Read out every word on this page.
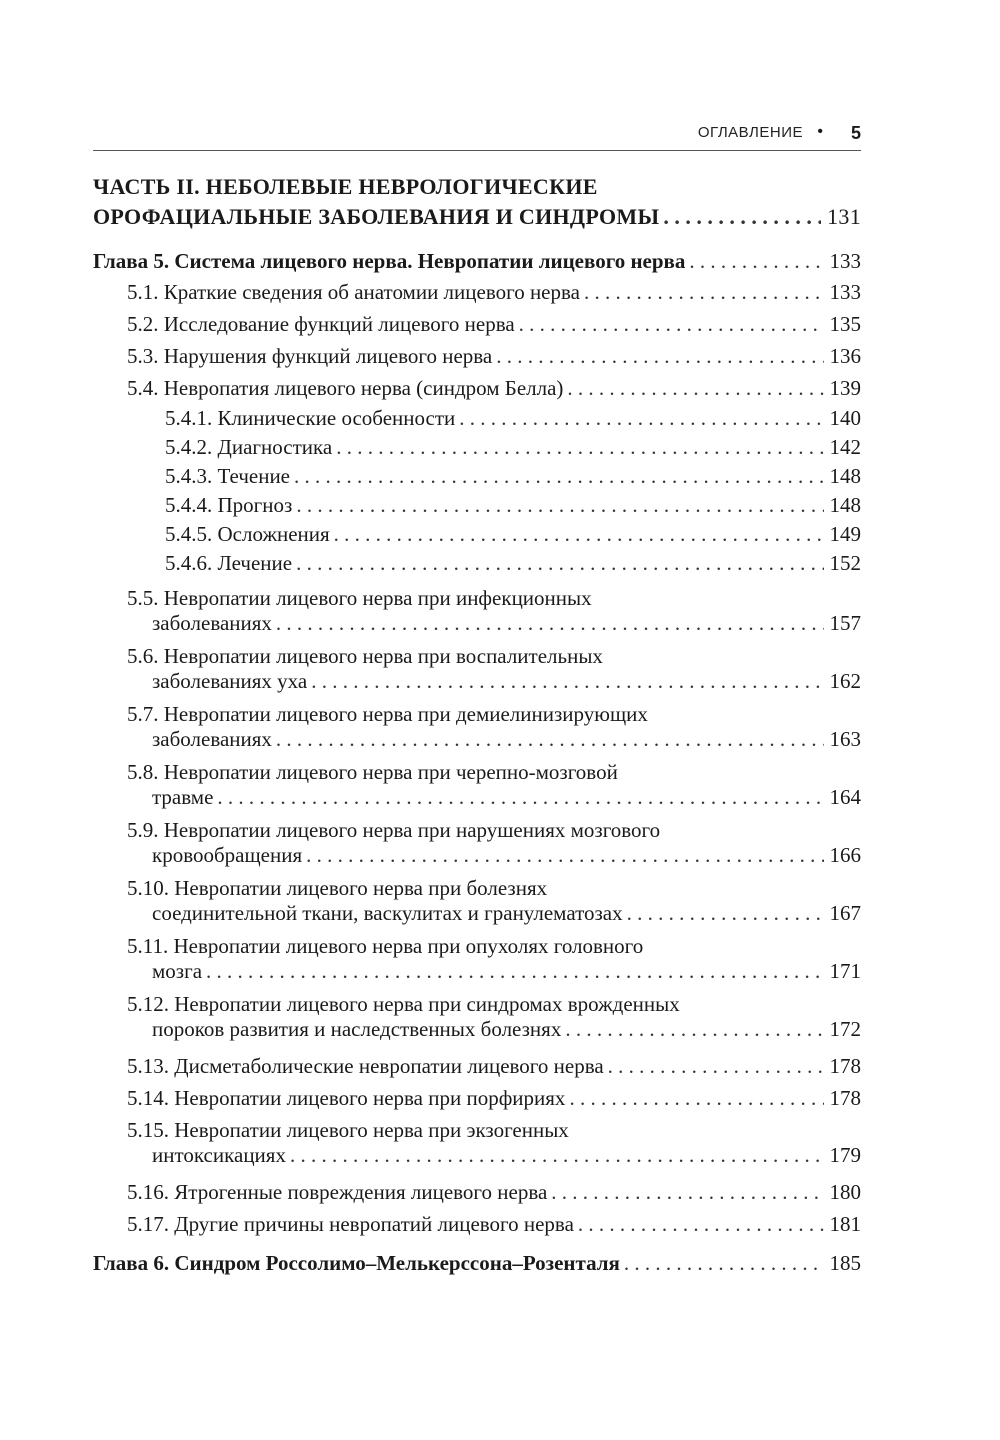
ОГЛАВЛЕНИЕ • 5
ЧАСТЬ II. НЕБОЛЕВЫЕ НЕВРОЛОГИЧЕСКИЕ
ОРОФАЦИАЛЬНЫЕ ЗАБОЛЕВАНИЯ И СИНДРОМЫ . . .	131
Глава 5. Система лицевого нерва. Невропатии лицевого нерва . . .	133
5.1. Краткие сведения об анатомии лицевого нерва . . .	133
5.2. Исследование функций лицевого нерва . . .	135
5.3. Нарушения функций лицевого нерва . . .	136
5.4. Невропатия лицевого нерва (синдром Белла) . . .	139
5.4.1. Клинические особенности . . .	140
5.4.2. Диагностика . . .	142
5.4.3. Течение . . .	148
5.4.4. Прогноз . . .	148
5.4.5. Осложнения . . .	149
5.4.6. Лечение . . .	152
5.5. Невропатии лицевого нерва при инфекционных
заболеваниях . . .	157
5.6. Невропатии лицевого нерва при воспалительных
заболеваниях уха . . .	162
5.7. Невропатии лицевого нерва при демиелинизирующих
заболеваниях . . .	163
5.8. Невропатии лицевого нерва при черепно-мозговой
травме . . .	164
5.9. Невропатии лицевого нерва при нарушениях мозгового
кровообращения . . .	166
5.10. Невропатии лицевого нерва при болезнях
соединительной ткани, васкулитах и гранулематозах . . .	167
5.11. Невропатии лицевого нерва при опухолях головного
мозга . . .	171
5.12. Невропатии лицевого нерва при синдромах врожденных
пороков развития и наследственных болезнях . . .	172
5.13. Дисметаболические невропатии лицевого нерва . . .	178
5.14. Невропатии лицевого нерва при порфириях . . .	178
5.15. Невропатии лицевого нерва при экзогенных
интоксикациях . . .	179
5.16. Ятрогенные повреждения лицевого нерва . . .	180
5.17. Другие причины невропатий лицевого нерва . . .	181
Глава 6. Синдром Россолимо–Мелькерссона–Розенталя . . .	185
